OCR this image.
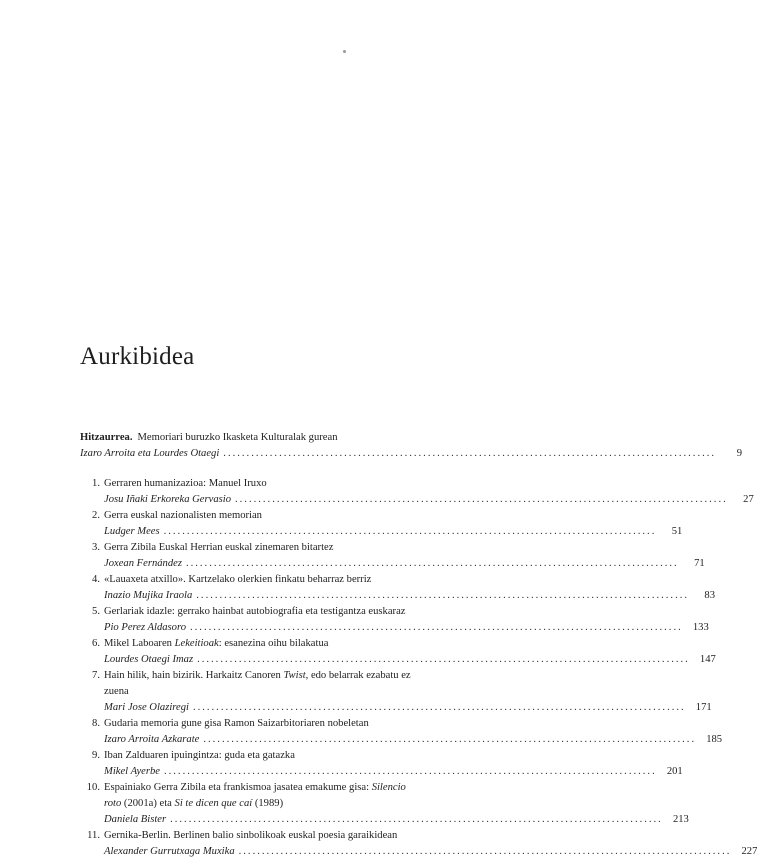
Aurkibidea
Hitzaurrea. Memoriari buruzko Ikasketa Kulturalak gurean
Izaro Arroita eta Lourdes Otaegi ..........................................................................................................	9
1. Gerraren humanizazioa: Manuel Iruxo
Josu Iñaki Erkoreka Gervasio ..........................................................................................................	27
2. Gerra euskal nazionalisten memorian
Ludger Mees ..........................................................................................................	51
3. Gerra Zibila Euskal Herrian euskal zinemaren bitartez
Joxean Fernández ..........................................................................................................	71
4. «Lauaxeta atxillo». Kartzelako olerkien finkatu beharraz berriz
Inazio Mujika Iraola ..........................................................................................................	83
5. Gerlariak idazle: gerrako hainbat autobiografia eta testigantza euskaraz
Pio Perez Aldasoro .......................................................................................................... 133
6. Mikel Laboaren Lekeitioak: esanezina oihu bilakatua
Lourdes Otaegi Imaz .......................................................................................................... 147
7. Hain hilik, hain bizirik. Harkaitz Canoren Twist, edo belarrak ezabatu ez
zuena
Mari Jose Olaziregi .......................................................................................................... 171
8. Gudaria memoria gune gisa Ramon Saizarbitoriaren nobeletan
Izaro Arroita Azkarate .......................................................................................................... 185
9. Iban Zalduaren ipuingintza: guda eta gatazka
Mikel Ayerbe .......................................................................................................... 201
10. Espainiako Gerra Zibila eta frankismoa jasatea emakume gisa: Silencio
roto (2001a) eta Si te dicen que caí (1989)
Daniela Bister .......................................................................................................... 213
11. Gernika-Berlin. Berlinen balio sinbolikoak euskal poesia garaikidean
Alexander Gurrutxaga Muxika .......................................................................................................... 227
